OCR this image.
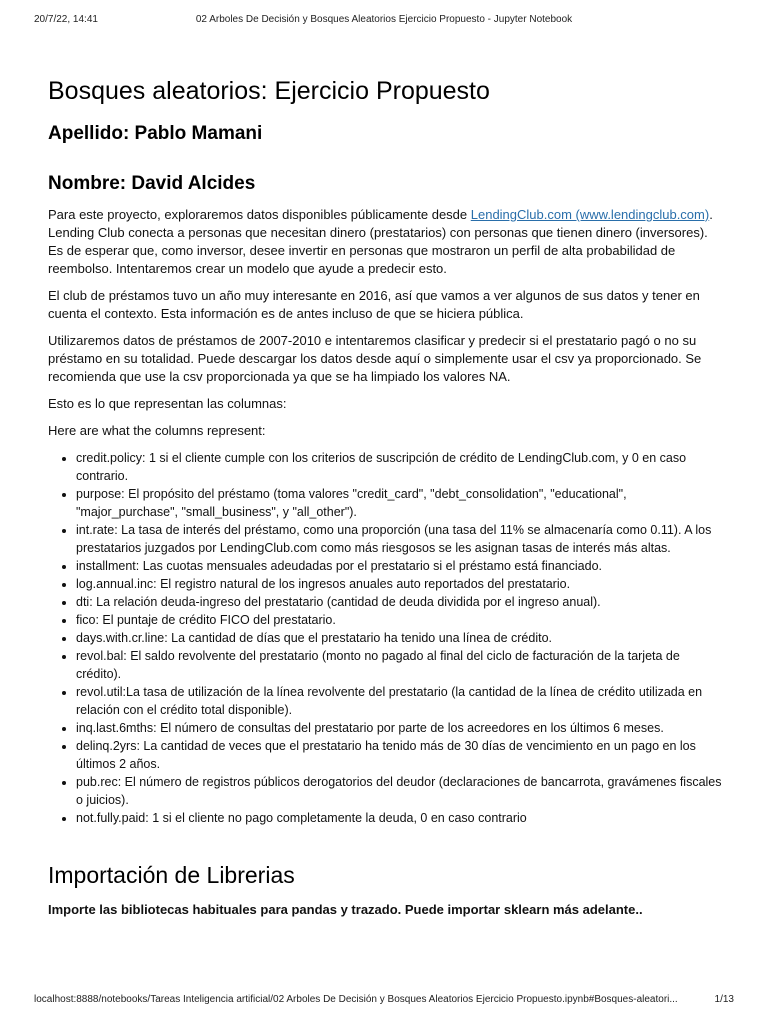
20/7/22, 14:41	02 Arboles De Decisión y Bosques Aleatorios Ejercicio Propuesto - Jupyter Notebook
Bosques aleatorios: Ejercicio Propuesto
Apellido: Pablo Mamani
Nombre: David Alcides

Para este proyecto, exploraremos datos disponibles públicamente desde LendingClub.com (www.lendingclub.com). Lending Club conecta a personas que necesitan dinero (prestatarios) con personas que tienen dinero (inversores). Es de esperar que, como inversor, desee invertir en personas que mostraron un perfil de alta probabilidad de reembolso. Intentaremos crear un modelo que ayude a predecir esto.

El club de préstamos tuvo un año muy interesante en 2016, así que vamos a ver algunos de sus datos y tener en cuenta el contexto. Esta información es de antes incluso de que se hiciera pública.

Utilizaremos datos de préstamos de 2007-2010 e intentaremos clasificar y predecir si el prestatario pagó o no su préstamo en su totalidad. Puede descargar los datos desde aquí o simplemente usar el csv ya proporcionado. Se recomienda que use la csv proporcionada ya que se ha limpiado los valores NA.

Esto es lo que representan las columnas:

Here are what the columns represent:

• credit.policy: 1 si el cliente cumple con los criterios de suscripción de crédito de LendingClub.com, y 0 en caso contrario.
• purpose: El propósito del préstamo (toma valores "credit_card", "debt_consolidation", "educational", "major_purchase", "small_business", y "all_other").
• int.rate: La tasa de interés del préstamo, como una proporción (una tasa del 11% se almacenaría como 0.11). A los prestatarios juzgados por LendingClub.com como más riesgosos se les asignan tasas de interés más altas.
• installment: Las cuotas mensuales adeudadas por el prestatario si el préstamo está financiado.
• log.annual.inc: El registro natural de los ingresos anuales auto reportados del prestatario.
• dti: La relación deuda-ingreso del prestatario (cantidad de deuda dividida por el ingreso anual).
• fico: El puntaje de crédito FICO del prestatario.
• days.with.cr.line: La cantidad de días que el prestatario ha tenido una línea de crédito.
• revol.bal: El saldo revolvente del prestatario (monto no pagado al final del ciclo de facturación de la tarjeta de crédito).
• revol.util:La tasa de utilización de la línea revolvente del prestatario (la cantidad de la línea de crédito utilizada en relación con el crédito total disponible).
• inq.last.6mths: El número de consultas del prestatario por parte de los acreedores en los últimos 6 meses.
• delinq.2yrs: La cantidad de veces que el prestatario ha tenido más de 30 días de vencimiento en un pago en los últimos 2 años.
• pub.rec: El número de registros públicos derogatorios del deudor (declaraciones de bancarrota, gravámenes fiscales o juicios).
• not.fully.paid: 1 si el cliente no pago completamente la deuda, 0 en caso contrario
Importación de Librerias

Importe las bibliotecas habituales para pandas y trazado. Puede importar sklearn más adelante..

localhost:8888/notebooks/Tareas Inteligencia artificial/02 Arboles De Decisión y Bosques Aleatorios Ejercicio Propuesto.ipynb#Bosques-aleatori...	1/13
